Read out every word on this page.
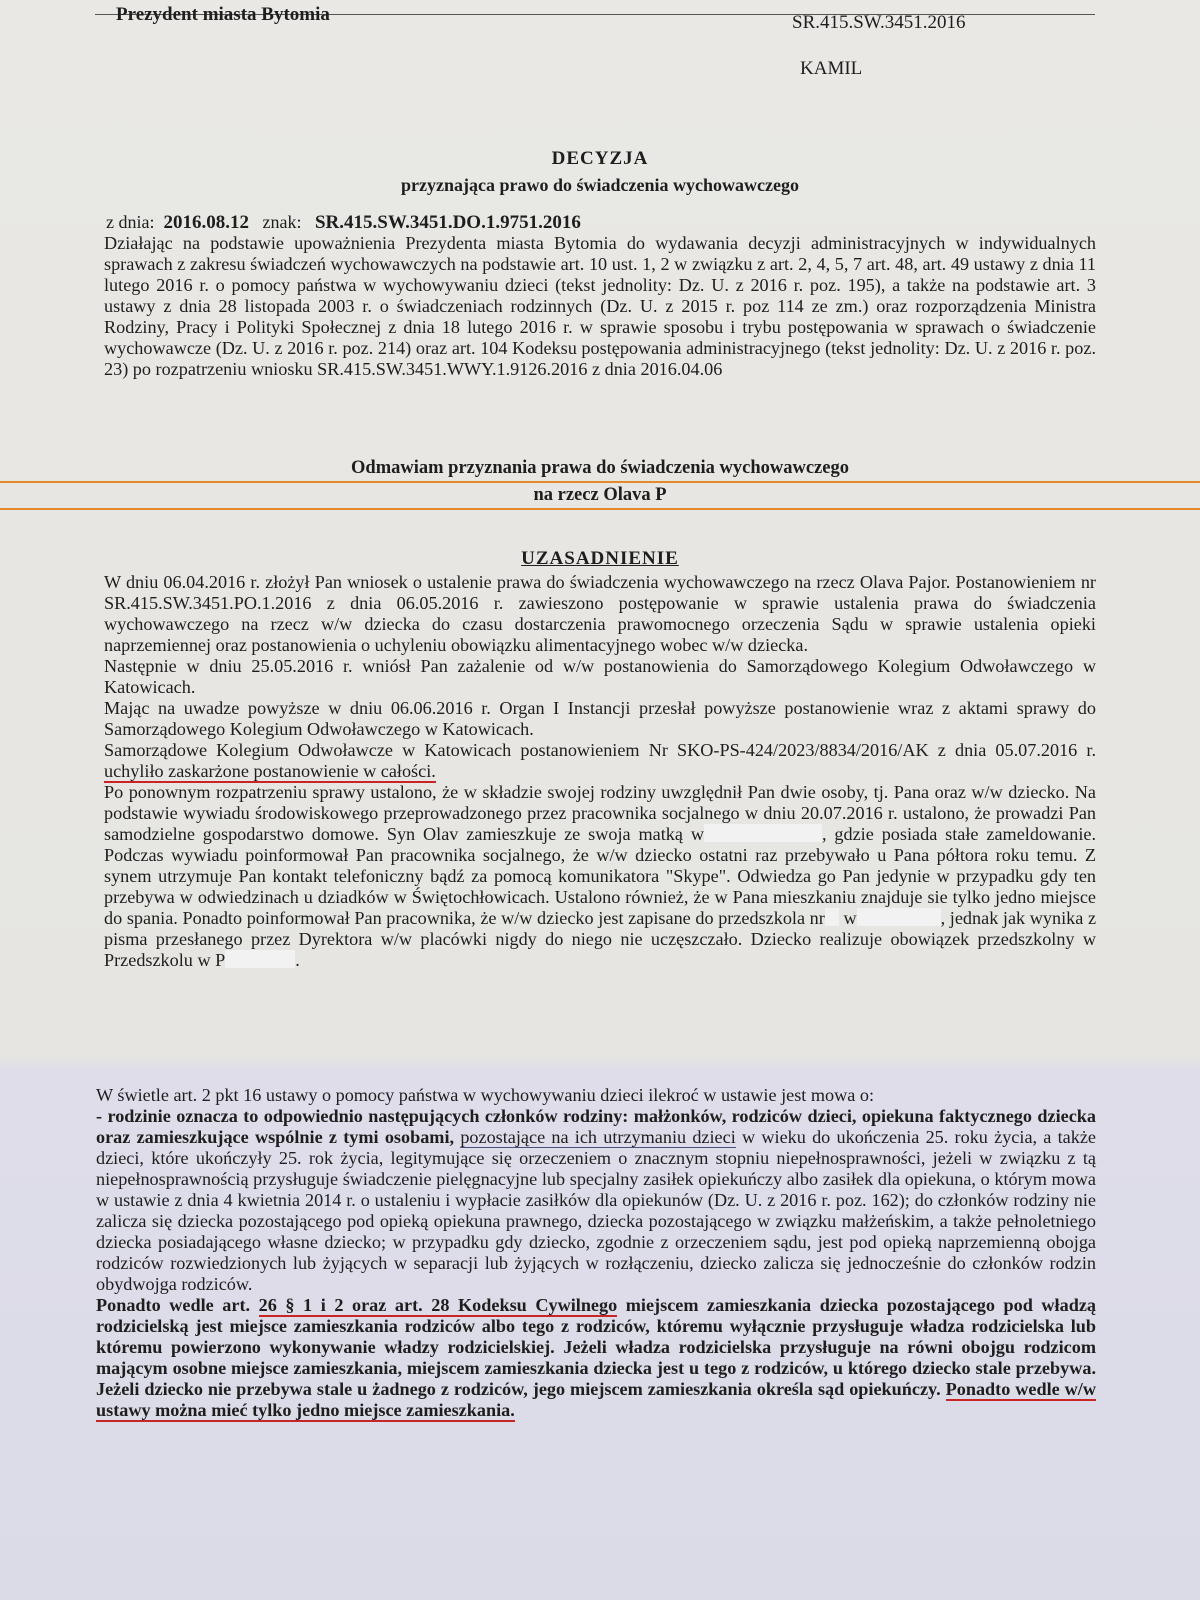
Prezydent miasta Bytomia	SR.415.SW.3451.2016
KAMIL
DECYZJA
przyznająca prawo do świadczenia wychowawczego
z dnia: 2016.08.12 znak: SR.415.SW.3451.DO.1.9751.2016
Działając na podstawie upoważnienia Prezydenta miasta Bytomia do wydawania decyzji administracyjnych w indywidualnych sprawach z zakresu świadczeń wychowawczych na podstawie art. 10 ust. 1, 2 w związku z art. 2, 4, 5, 7 art. 48, art. 49 ustawy z dnia 11 lutego 2016 r. o pomocy państwa w wychowywaniu dzieci (tekst jednolity: Dz. U. z 2016 r. poz. 195), a także na podstawie art. 3 ustawy z dnia 28 listopada 2003 r. o świadczeniach rodzinnych (Dz. U. z 2015 r. poz 114 ze zm.) oraz rozporządzenia Ministra Rodziny, Pracy i Polityki Społecznej z dnia 18 lutego 2016 r. w sprawie sposobu i trybu postępowania w sprawach o świadczenie wychowawcze (Dz. U. z 2016 r. poz. 214) oraz art. 104 Kodeksu postępowania administracyjnego (tekst jednolity: Dz. U. z 2016 r. poz. 23) po rozpatrzeniu wniosku SR.415.SW.3451.WWY.1.9126.2016 z dnia 2016.04.06
Odmawiam przyznania prawa do świadczenia wychowawczego
na rzecz Olava P
UZASADNIENIE

W dniu 06.04.2016 r. złożył Pan wniosek o ustalenie prawa do świadczenia wychowawczego na rzecz Olava Pajor. Postanowieniem nr SR.415.SW.3451.PO.1.2016 z dnia 06.05.2016 r. zawieszono postępowanie w sprawie ustalenia prawa do świadczenia wychowawczego na rzecz w/w dziecka do czasu dostarczenia prawomocnego orzeczenia Sądu w sprawie ustalenia opieki naprzemiennej oraz postanowienia o uchyleniu obowiązku alimentacyjnego wobec w/w dziecka.

Następnie w dniu 25.05.2016 r. wniósł Pan zażalenie od w/w postanowienia do Samorządowego Kolegium Odwoławczego w Katowicach.

Mając na uwadze powyższe w dniu 06.06.2016 r. Organ I Instancji przesłał powyższe postanowienie wraz z aktami sprawy do Samorządowego Kolegium Odwoławczego w Katowicach.

Samorządowe Kolegium Odwoławcze w Katowicach postanowieniem Nr SKO-PS-424/2023/8834/2016/AK z dnia 05.07.2016 r. uchyliło zaskarżone postanowienie w całości.

Po ponownym rozpatrzeniu sprawy ustalono, że w składzie swojej rodziny uwzględnił Pan dwie osoby, tj. Pana oraz w/w dziecko. Na podstawie wywiadu środowiskowego przeprowadzonego przez pracownika socjalnego w dniu 20.07.2016 r. ustalono, że prowadzi Pan samodzielne gospodarstwo domowe. Syn Olav zamieszkuje ze swoja matką w	, gdzie posiada stałe zameldowanie. Podczas wywiadu poinformował Pan pracownika socjalnego, że w/w dziecko ostatni raz przebywało u Pana półtora roku temu. Z synem utrzymuje Pan kontakt telefoniczny bądź za pomocą komunikatora "Skype". Odwiedza go Pan jedynie w przypadku gdy ten przebywa w odwiedzinach u dziadków w Świętochłowicach. Ustalono również, że w Pana mieszkaniu znajduje sie tylko jedno miejsce do spania. Ponadto poinformował Pan pracownika, że w/w dziecko jest zapisane do przedszkola nr w	, jednak jak wynika z pisma przesłanego przez Dyrektora w/w placówki nigdy do niego nie uczęszczało. Dziecko realizuje obowiązek przedszkolny w Przedszkolu w P	.

W świetle art. 2 pkt 16 ustawy o pomocy państwa w wychowywaniu dzieci ilekroć w ustawie jest mowa o:

- rodzinie oznacza to odpowiednio następujących członków rodziny: małżonków, rodziców dzieci, opiekuna faktycznego dziecka oraz zamieszkujące wspólnie z tymi osobami, pozostające na ich utrzymaniu dzieci w wieku do ukończenia 25. roku życia, a także dzieci, które ukończyły 25. rok życia, legitymujące się orzeczeniem o znacznym stopniu niepełnosprawności, jeżeli w związku z tą niepełnosprawnością przysługuje świadczenie pielęgnacyjne lub specjalny zasiłek opiekuńczy albo zasiłek dla opiekuna, o którym mowa w ustawie z dnia 4 kwietnia 2014 r. o ustaleniu i wypłacie zasiłków dla opiekunów (Dz. U. z 2016 r. poz. 162); do członków rodziny nie zalicza się dziecka pozostającego pod opieką opiekuna prawnego, dziecka pozostającego w związku małżeńskim, a także pełnoletniego dziecka posiadającego własne dziecko; w przypadku gdy dziecko, zgodnie z orzeczeniem sądu, jest pod opieką naprzemienną obojga rodziców rozwiedzionych lub żyjących w separacji lub żyjących w rozłączeniu, dziecko zalicza się jednocześnie do członków rodzin obydwojga rodziców.

Ponadto wedle art. 26 § 1 i 2 oraz art. 28 Kodeksu Cywilnego miejscem zamieszkania dziecka pozostającego pod władzą rodzicielską jest miejsce zamieszkania rodziców albo tego z rodziców, któremu wyłącznie przysługuje władza rodzicielska lub któremu powierzono wykonywanie władzy rodzicielskiej. Jeżeli władza rodzicielska przysługuje na równi obojgu rodzicom mającym osobne miejsce zamieszkania, miejscem zamieszkania dziecka jest u tego z rodziców, u którego dziecko stale przebywa. Jeżeli dziecko nie przebywa stale u żadnego z rodziców, jego miejscem zamieszkania określa sąd opiekuńczy. Ponadto wedle w/w ustawy można mieć tylko jedno miejsce zamieszkania.
